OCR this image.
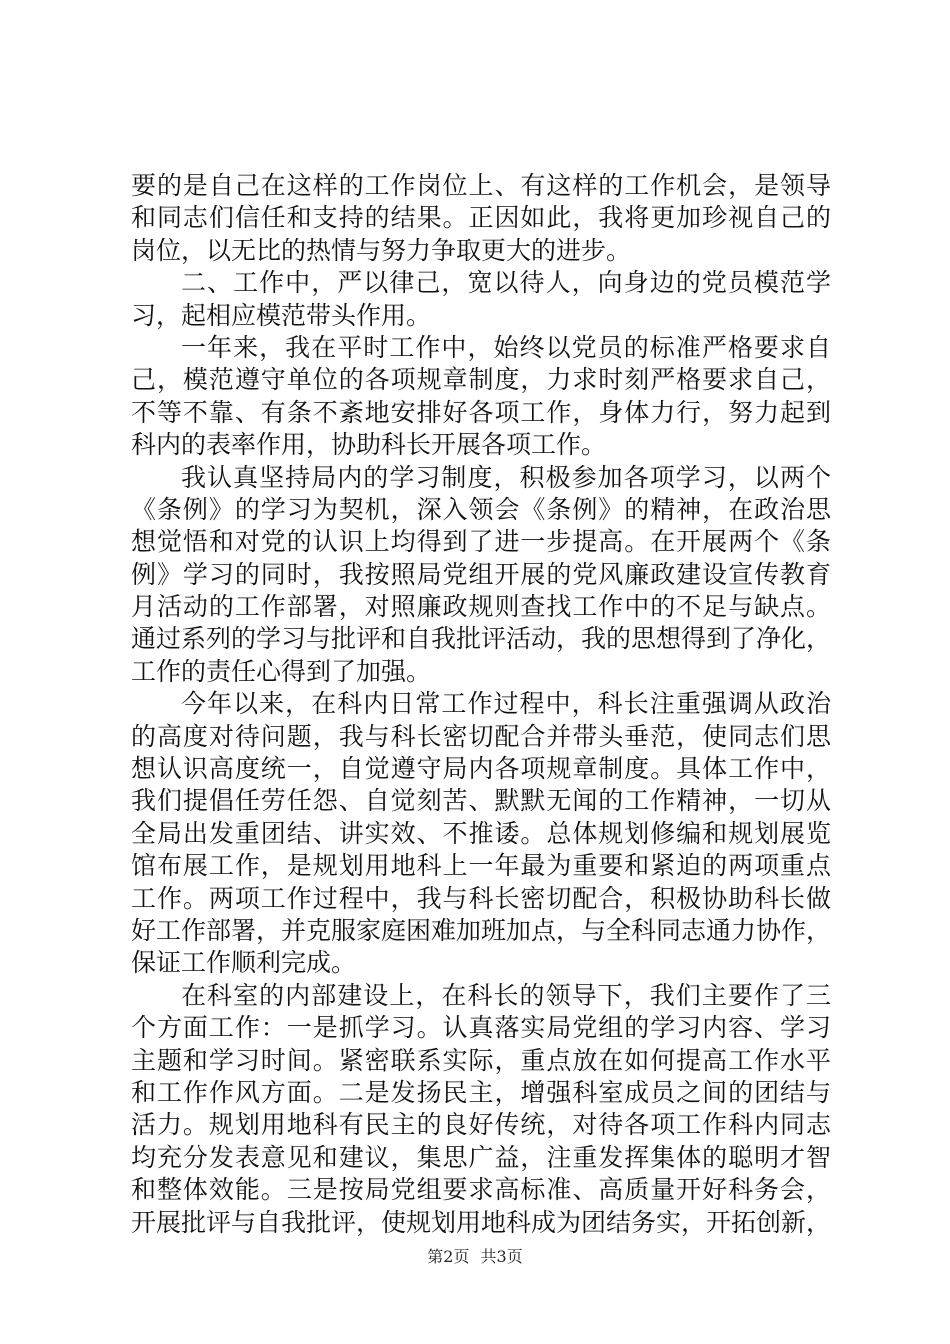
要的是自己在这样的工作岗位上、有这样的工作机会，是领导
和同志们信任和支持的结果。正因如此，我将更加珍视自己的
岗位，以无比的热情与努力争取更大的进步。
二、工作中，严以律己，宽以待人，向身边的党员模范学
习，起相应模范带头作用。
一年来，我在平时工作中，始终以党员的标准严格要求自
己，模范遵守单位的各项规章制度，力求时刻严格要求自己，
不等不靠、有条不紊地安排好各项工作，身体力行，努力起到
科内的表率作用，协助科长开展各项工作。
我认真坚持局内的学习制度，积极参加各项学习，以两个
《条例》的学习为契机，深入领会《条例》的精神，在政治思
想觉悟和对党的认识上均得到了进一步提高。在开展两个《条
例》学习的同时，我按照局党组开展的党风廉政建设宣传教育
月活动的工作部署，对照廉政规则查找工作中的不足与缺点。
通过系列的学习与批评和自我批评活动，我的思想得到了净化，
工作的责任心得到了加强。
今年以来，在科内日常工作过程中，科长注重强调从政治
的高度对待问题，我与科长密切配合并带头垂范，使同志们思
想认识高度统一，自觉遵守局内各项规章制度。具体工作中，
我们提倡任劳任怨、自觉刻苦、默默无闻的工作精神，一切从
全局出发重团结、讲实效、不推诿。总体规划修编和规划展览
馆布展工作，是规划用地科上一年最为重要和紧迫的两项重点
工作。两项工作过程中，我与科长密切配合，积极协助科长做
好工作部署，并克服家庭困难加班加点，与全科同志通力协作，
保证工作顺利完成。
在科室的内部建设上，在科长的领导下，我们主要作了三
个方面工作：一是抓学习。认真落实局党组的学习内容、学习
主题和学习时间。紧密联系实际，重点放在如何提高工作水平
和工作作风方面。二是发扬民主，增强科室成员之间的团结与
活力。规划用地科有民主的良好传统，对待各项工作科内同志
均充分发表意见和建议，集思广益，注重发挥集体的聪明才智
和整体效能。三是按局党组要求高标准、高质量开好科务会，
开展批评与自我批评，使规划用地科成为团结务实，开拓创新，
第2页 共3页
